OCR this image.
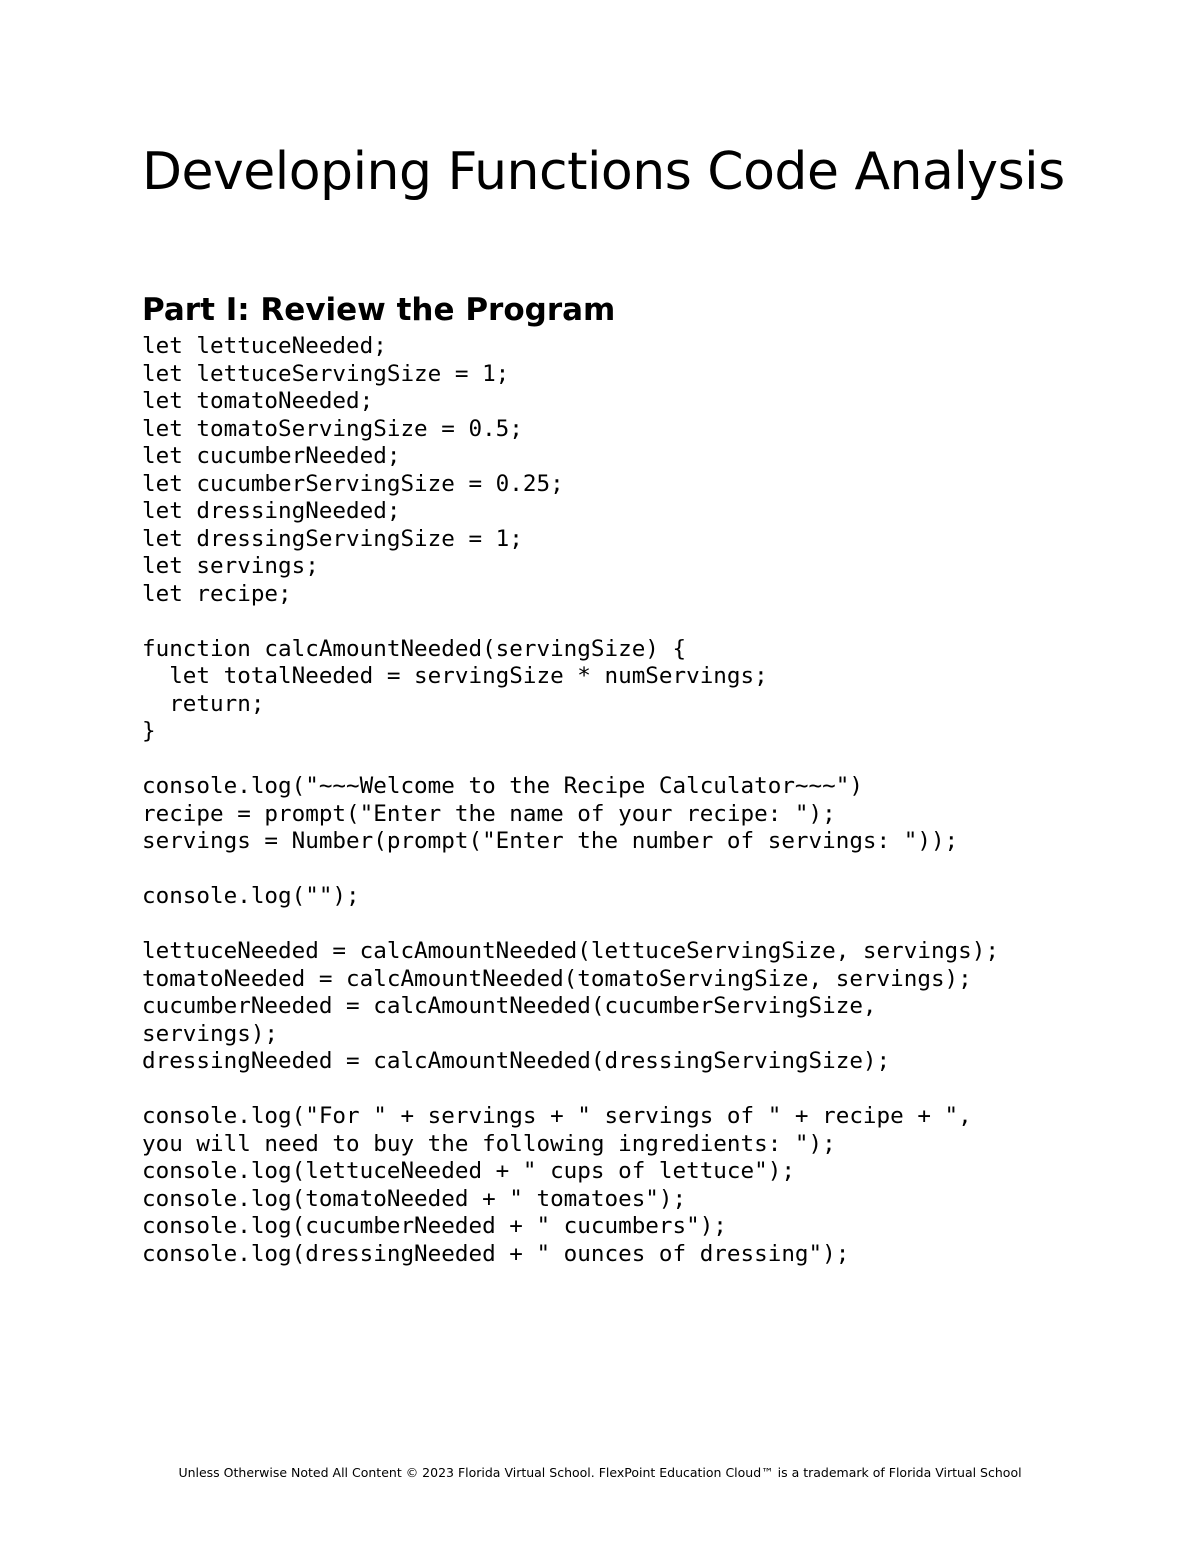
Developing Functions Code Analysis
Part I: Review the Program
let lettuceNeeded;
let lettuceServingSize = 1;
let tomatoNeeded;
let tomatoServingSize = 0.5;
let cucumberNeeded;
let cucumberServingSize = 0.25;
let dressingNeeded;
let dressingServingSize = 1;
let servings;
let recipe;
function calcAmountNeeded(servingSize) {
let totalNeeded = servingSize * numServings;
return;
}
console.log("~~~Welcome to the Recipe Calculator~~~")
recipe = prompt("Enter the name of your recipe: ");
servings = Number(prompt("Enter the number of servings: "));
console.log("");
lettuceNeeded = calcAmountNeeded(lettuceServingSize, servings);
tomatoNeeded = calcAmountNeeded(tomatoServingSize, servings);
cucumberNeeded = calcAmountNeeded(cucumberServingSize,
servings);
dressingNeeded = calcAmountNeeded(dressingServingSize);
console.log("For " + servings + " servings of " + recipe + ",
you will need to buy the following ingredients: ");
console.log(lettuceNeeded + " cups of lettuce");
console.log(tomatoNeeded + " tomatoes");
console.log(cucumberNeeded + " cucumbers");
console.log(dressingNeeded + " ounces of dressing");
Unless Otherwise Noted All Content © 2023 Florida Virtual School. FlexPoint Education Cloud™ is a trademark of Florida Virtual School
